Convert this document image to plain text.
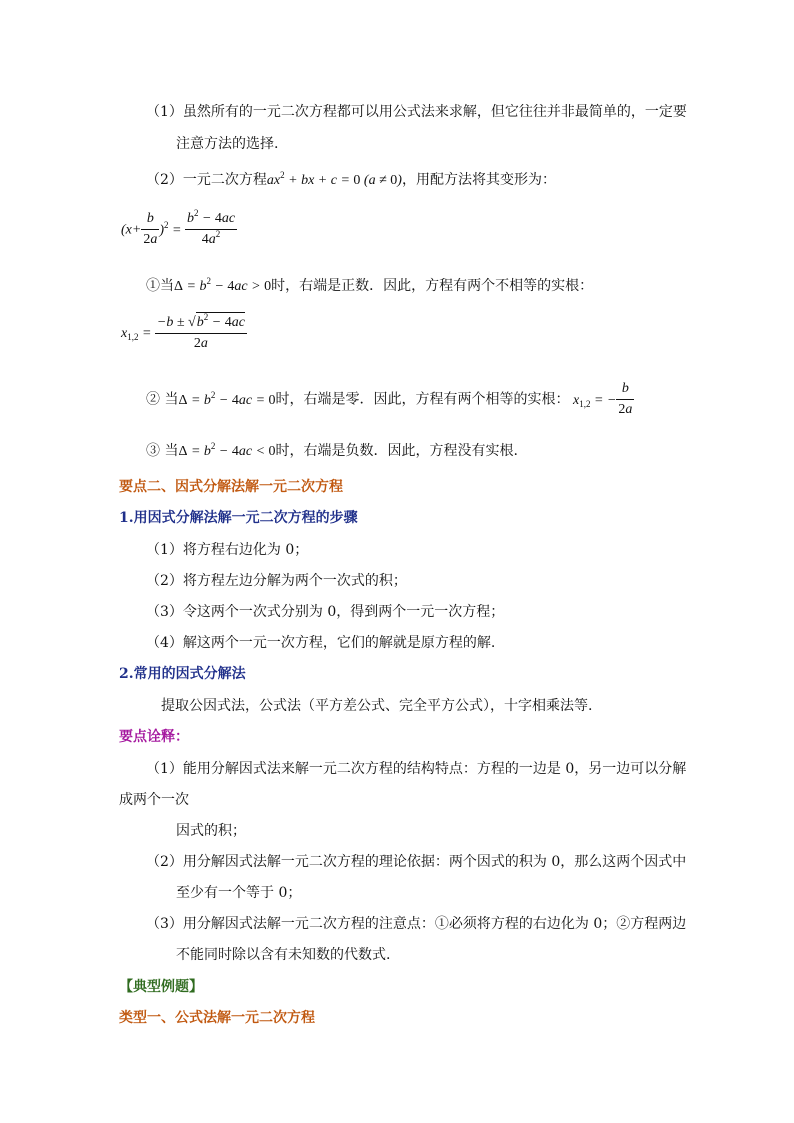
（1）虽然所有的一元二次方程都可以用公式法来求解，但它往往并非最简单的，一定要
注意方法的选择.
（2）一元二次方程$ax^2$ + bx + c = 0 (a ≠ 0)，用配方法将其变形为：
$(x+ \frac{b}{2a} )^2 = \frac{b^2 - 4ac}{4a^2}$
①当$\Delta = b^2 - 4ac > 0$时，右端是正数．因此，方程有两个不相等的实根：
$x_{1,2} = \frac{-b \pm √b^2 - 4ac}{2a}$
② 当$\Delta = b^2 - 4ac = 0$时，右端是零．因此，方程有两个相等的实根： $x_{1,2}$ = − $\frac{b}{2a}$
③ 当$\Delta = b^2 - 4ac < 0$时，右端是负数．因此，方程没有实根.
要点二、因式分解法解一元二次方程
1.用因式分解法解一元二次方程的步骤
（1）将方程右边化为 0；
（2）将方程左边分解为两个一次式的积；
（3）令这两个一次式分别为 0，得到两个一元一次方程；
（4）解这两个一元一次方程，它们的解就是原方程的解.
2.常用的因式分解法
提取公因式法，公式法（平方差公式、完全平方公式），十字相乘法等.
要点诠释：
（1）能用分解因式法来解一元二次方程的结构特点：方程的一边是 0，另一边可以分解
成两个一次
因式的积；
（2）用分解因式法解一元二次方程的理论依据：两个因式的积为 0，那么这两个因式中
至少有一个等于 0；
（3）用分解因式法解一元二次方程的注意点：①必须将方程的右边化为 0；②方程两边
不能同时除以含有未知数的代数式.
【典型例题】
类型一、公式法解一元二次方程
